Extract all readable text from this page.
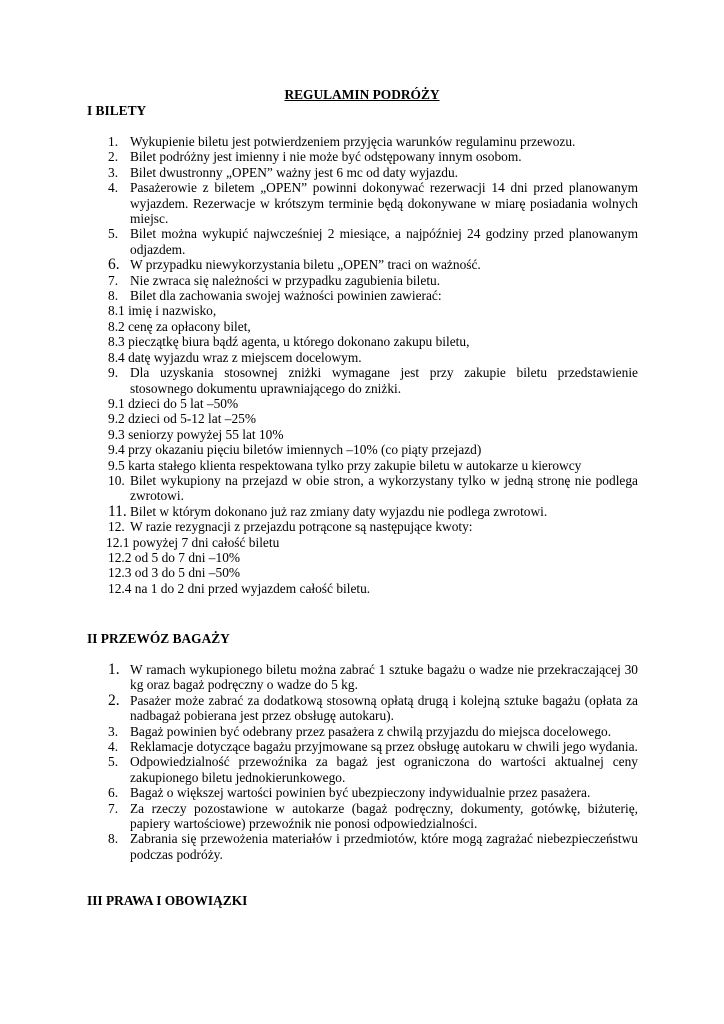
REGULAMIN PODRÓŻY
I BILETY
1. Wykupienie biletu jest potwierdzeniem przyjęcia warunków regulaminu przewozu.
2. Bilet podróżny jest imienny i nie może być odstępowany innym osobom.
3. Bilet dwustronny „OPEN” ważny jest 6 mc od daty wyjazdu.
4. Pasażerowie z biletem „OPEN” powinni dokonywać rezerwacji 14 dni przed planowanym wyjazdem. Rezerwacje w krótszym terminie będą dokonywane w miarę posiadania wolnych miejsc.
5. Bilet można wykupić najwcześniej 2 miesiące, a najpóźniej 24 godziny przed planowanym odjazdem.
6. W przypadku niewykorzystania biletu „OPEN” traci on ważność.
7. Nie zwraca się należności w przypadku zagubienia biletu.
8. Bilet dla zachowania swojej ważności powinien zawierać:
8.1 imię i nazwisko,
8.2 cenę za opłacony bilet,
8.3 pieczątkę biura bądź agenta, u którego dokonano zakupu biletu,
8.4 datę wyjazdu wraz z miejscem docelowym.
9. Dla uzyskania stosownej zniżki wymagane jest przy zakupie biletu przedstawienie stosownego dokumentu uprawniającego do zniżki.
9.1 dzieci do 5 lat –50%
9.2 dzieci od 5-12 lat –25%
9.3 seniorzy powyżej 55 lat 10%
9.4 przy okazaniu pięciu biletów imiennych –10% (co piąty przejazd)
9.5 karta stałego klienta respektowana tylko przy zakupie biletu w autokarze u kierowcy
10. Bilet wykupiony na przejazd w obie stron, a wykorzystany tylko w jedną stronę nie podlega zwrotowi.
11. Bilet w którym dokonano już raz zmiany daty wyjazdu nie podlega zwrotowi.
12. W razie rezygnacji z przejazdu potrącone są następujące kwoty:
12.1 powyżej 7 dni całość biletu
12.2 od 5 do 7 dni –10%
12.3 od 3 do 5 dni –50%
12.4 na 1 do 2 dni przed wyjazdem całość biletu.
II PRZEWÓZ BAGAŻY
1. W ramach wykupionego biletu można zabrać 1 sztuke bagażu o wadze nie przekraczającej 30 kg oraz bagaż podręczny o wadze do 5 kg.
2. Pasażer może zabrać za dodatkową stosowną opłatą drugą i kolejną sztuke bagażu (opłata za nadbagaż pobierana jest przez obsługę autokaru).
3. Bagaż powinien być odebrany przez pasażera z chwilą przyjazdu do miejsca docelowego.
4. Reklamacje dotyczące bagażu przyjmowane są przez obsługę autokaru w chwili jego wydania.
5. Odpowiedzialność przewoźnika za bagaż jest ograniczona do wartości aktualnej ceny zakupionego biletu jednokierunkowego.
6. Bagaż o większej wartości powinien być ubezpieczony indywidualnie przez pasażera.
7. Za rzeczy pozostawione w autokarze (bagaż podręczny, dokumenty, gotówkę, biżuterię, papiery wartościowe) przewoźnik nie ponosi odpowiedzialności.
8. Zabrania się przewożenia materiałów i przedmiotów, które mogą zagrażać niebezpieczeństwu podczas podróży.
III PRAWA I OBOWIĄZKI
